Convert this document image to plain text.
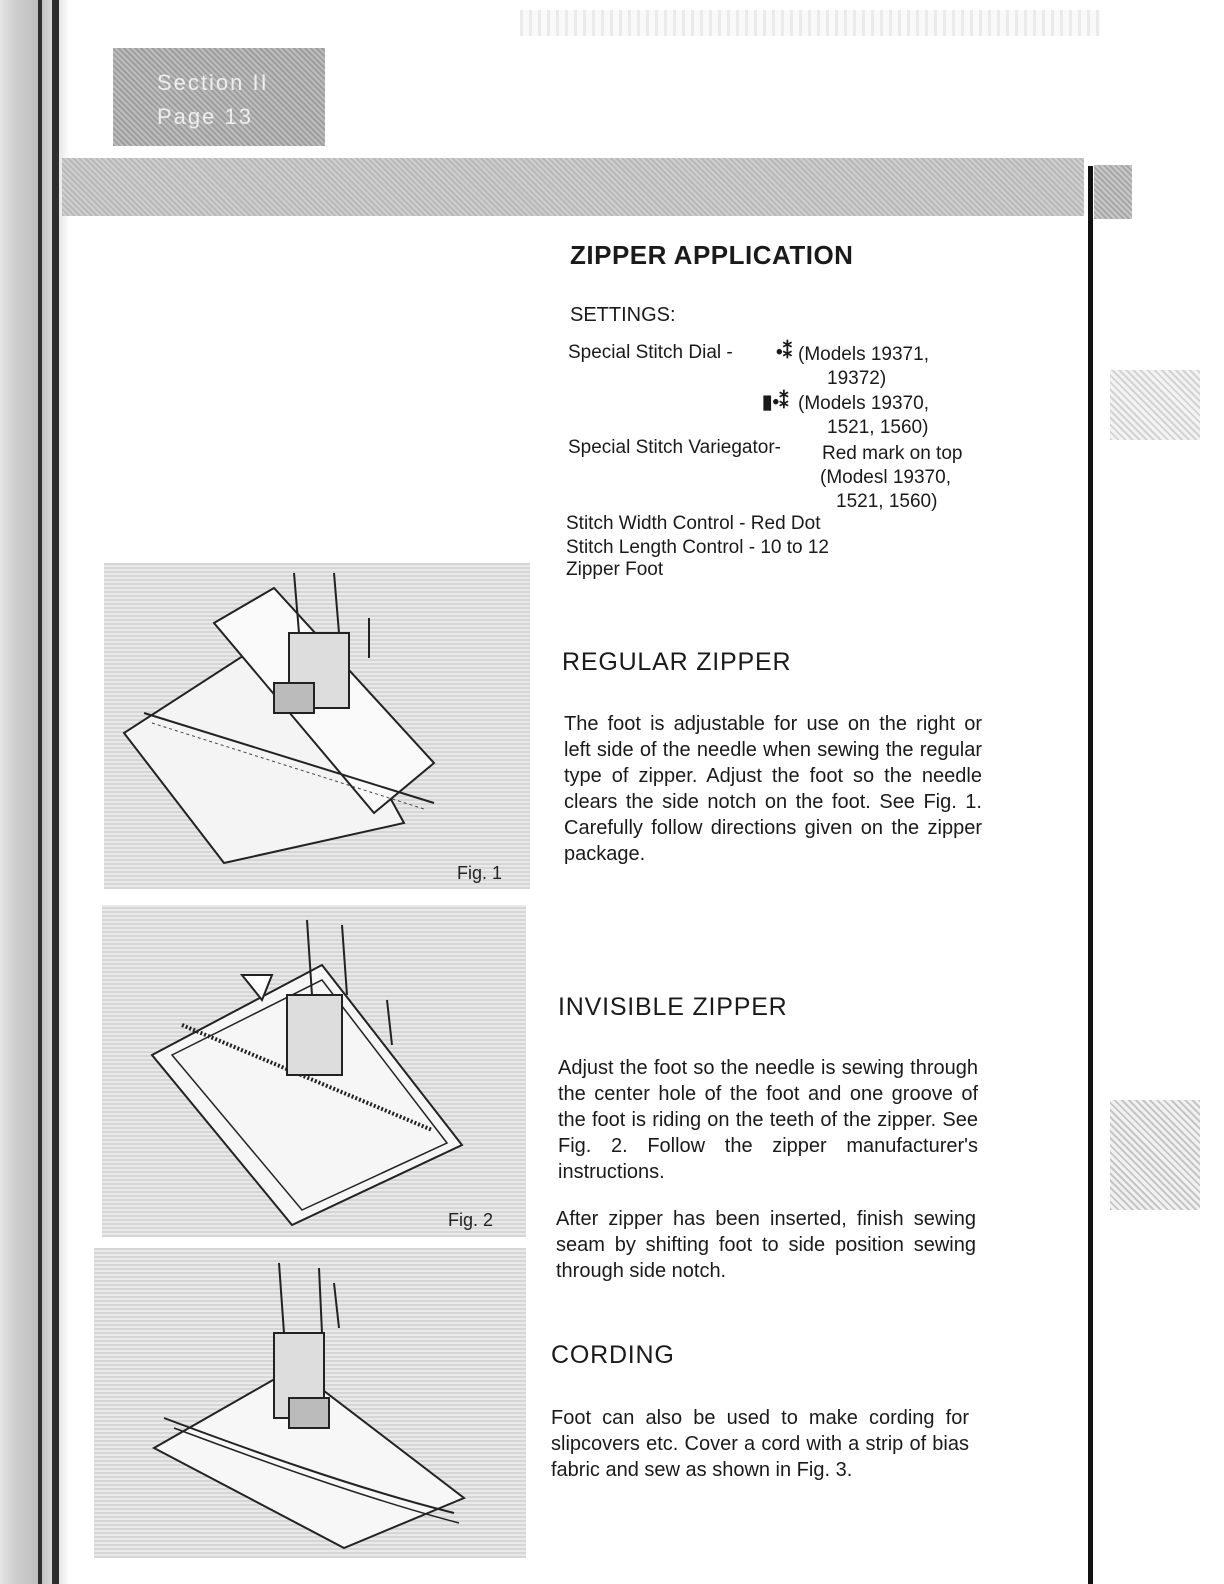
Section II
Page 13
ZIPPER APPLICATION
SETTINGS:
Special Stitch Dial - •⁑ (Models 19371,
19372)
▮•⁑ (Models 19370,
1521, 1560)
Special Stitch Variegator- Red mark on top
(Modesl 19370,
1521, 1560)
Stitch Width Control - Red Dot
Stitch Length Control - 10 to 12
Zipper Foot
REGULAR ZIPPER
The foot is adjustable for use on the right or left side of the needle when sewing the regular type of zipper. Adjust the foot so the needle clears the side notch on the foot. See Fig. 1. Carefully follow directions given on the zipper package.
INVISIBLE ZIPPER
Adjust the foot so the needle is sewing through the center hole of the foot and one groove of the foot is riding on the teeth of the zipper. See Fig. 2. Follow the zipper manufacturer's instructions.
After zipper has been inserted, finish sewing seam by shifting foot to side position sewing through side notch.
CORDING
Foot can also be used to make cording for slipcovers etc. Cover a cord with a strip of bias fabric and sew as shown in Fig. 3.
Fig. 1
Fig. 2
